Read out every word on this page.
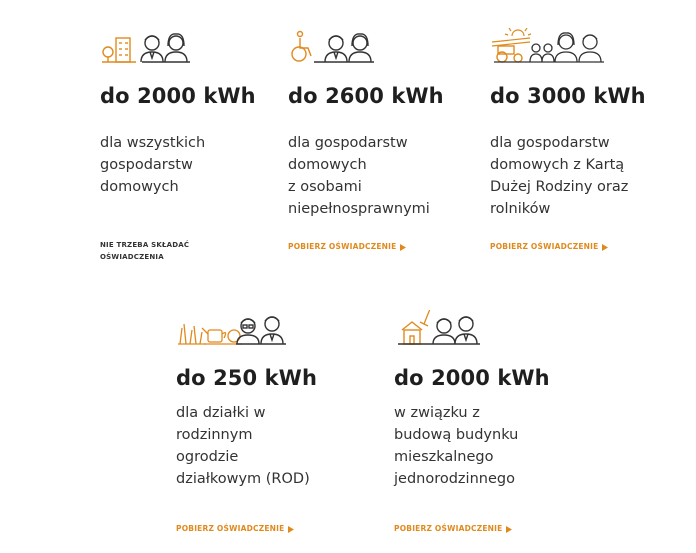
do 2000 kWh
dla wszystkich
gospodarstw
domowych
NIE TRZEBA SKŁADAĆ
OŚWIADCZENIA
do 2600 kWh
dla gospodarstw
domowych
z osobami
niepełnosprawnymi
POBIERZ OŚWIADCZENIE
do 3000 kWh
dla gospodarstw
domowych z Kartą
Dużej Rodziny oraz
rolników
POBIERZ OŚWIADCZENIE
do 250 kWh
dla działki w
rodzinnym
ogrodzie
działkowym (ROD)
POBIERZ OŚWIADCZENIE
do 2000 kWh
w związku z
budową budynku
mieszkalnego
jednorodzinnego
POBIERZ OŚWIADCZENIE
